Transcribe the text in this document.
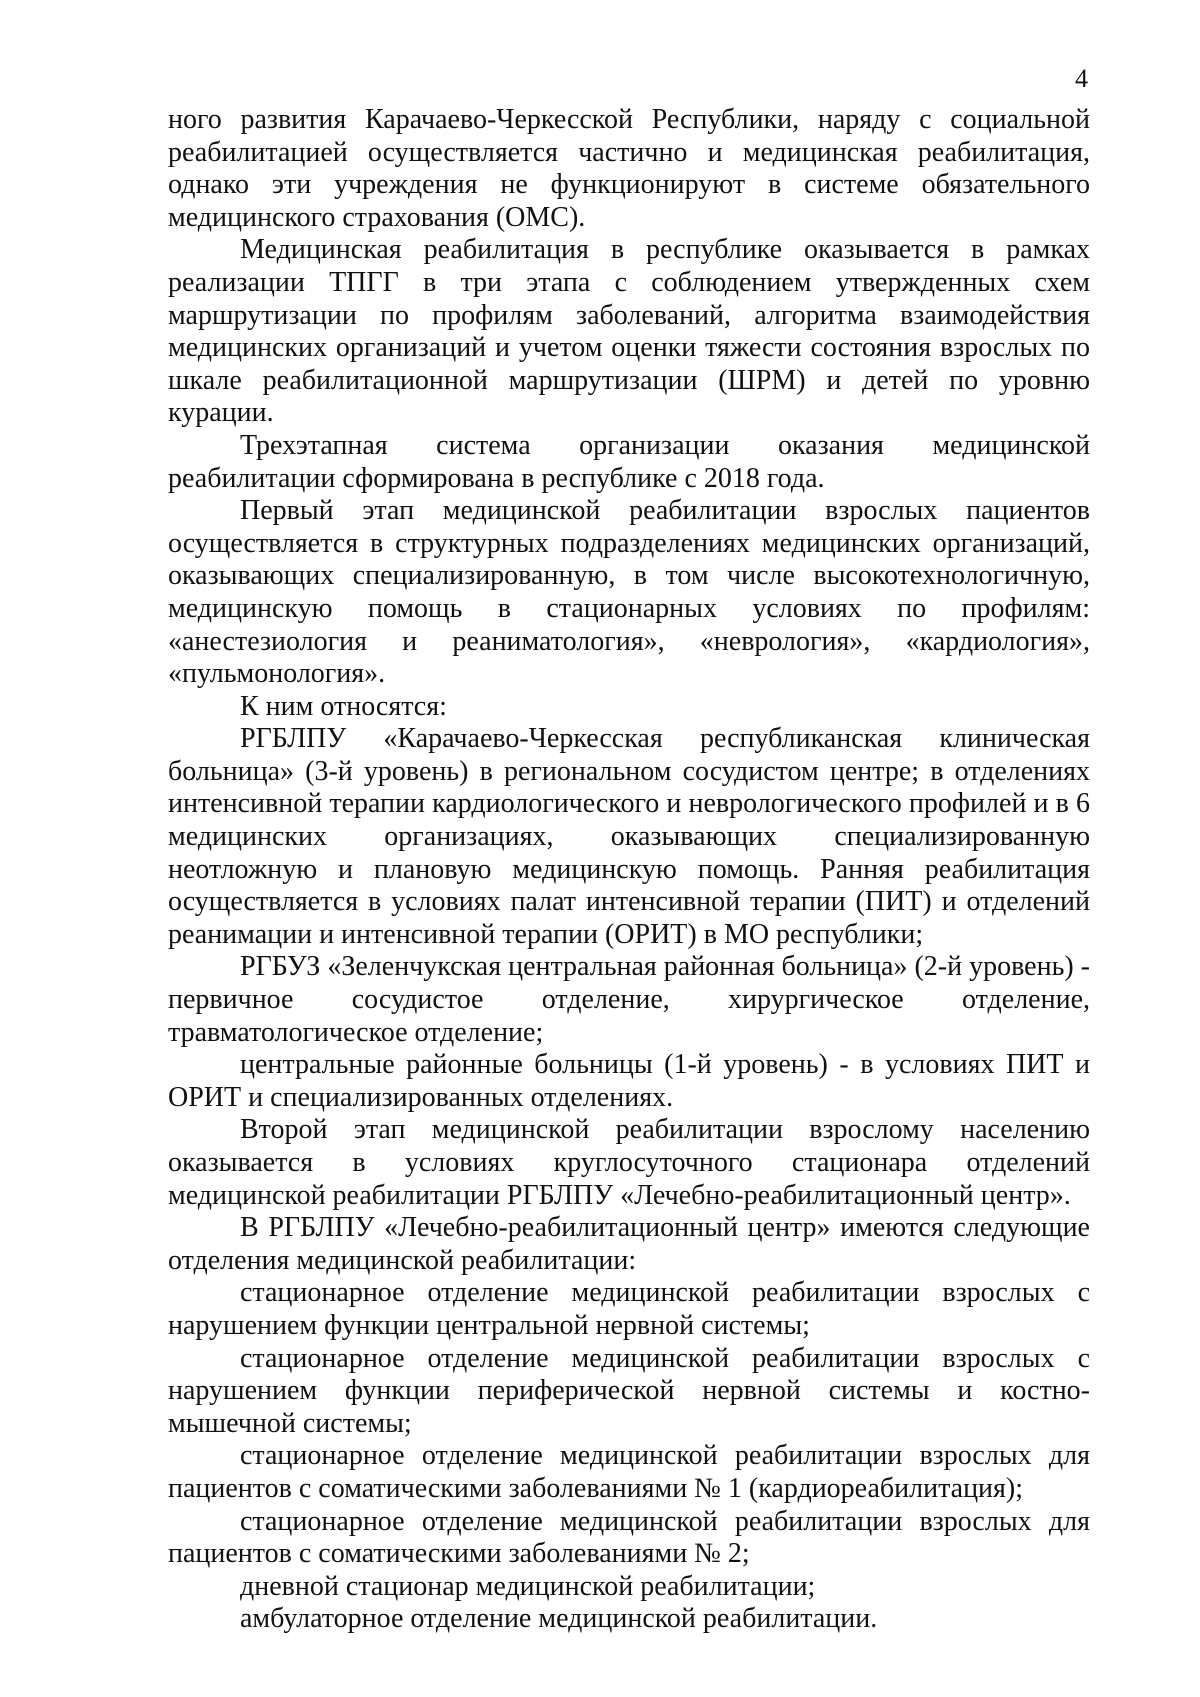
4

ного развития Карачаево-Черкесской Республики, наряду с социальной реабилитацией осуществляется частично и медицинская реабилитация, однако эти учреждения не функционируют в системе обязательного медицинского страхования (ОМС).

Медицинская реабилитация в республике оказывается в рамках реализации ТПГГ в три этапа с соблюдением утвержденных схем маршрутизации по профилям заболеваний, алгоритма взаимодействия медицинских организаций и учетом оценки тяжести состояния взрослых по шкале реабилитационной маршрутизации (ШРМ) и детей по уровню курации.

Трехэтапная система организации оказания медицинской реабилитации сформирована в республике с 2018 года.

Первый этап медицинской реабилитации взрослых пациентов осуществляется в структурных подразделениях медицинских организаций, оказывающих специализированную, в том числе высокотехнологичную, медицинскую помощь в стационарных условиях по профилям: «анестезиология и реаниматология», «неврология», «кардиология», «пульмонология».

К ним относятся:

РГБЛПУ «Карачаево-Черкесская республиканская клиническая больница» (3-й уровень) в региональном сосудистом центре; в отделениях интенсивной терапии кардиологического и неврологического профилей и в 6 медицинских организациях, оказывающих специализированную неотложную и плановую медицинскую помощь. Ранняя реабилитация осуществляется в условиях палат интенсивной терапии (ПИТ) и отделений реанимации и интенсивной терапии (ОРИТ) в МО республики;

РГБУЗ «Зеленчукская центральная районная больница» (2-й уровень) - первичное сосудистое отделение, хирургическое отделение, травматологическое отделение;

центральные районные больницы (1-й уровень) - в условиях ПИТ и ОРИТ и специализированных отделениях.

Второй этап медицинской реабилитации взрослому населению оказывается в условиях круглосуточного стационара отделений медицинской реабилитации РГБЛПУ «Лечебно-реабилитационный центр».

В РГБЛПУ «Лечебно-реабилитационный центр» имеются следующие отделения медицинской реабилитации:

стационарное отделение медицинской реабилитации взрослых с нарушением функции центральной нервной системы;

стационарное отделение медицинской реабилитации взрослых с нарушением функции периферической нервной системы и костно-мышечной системы;

стационарное отделение медицинской реабилитации взрослых для пациентов с соматическими заболеваниями № 1 (кардиореабилитация);

стационарное отделение медицинской реабилитации взрослых для пациентов с соматическими заболеваниями № 2;

дневной стационар медицинской реабилитации;

амбулаторное отделение медицинской реабилитации.
